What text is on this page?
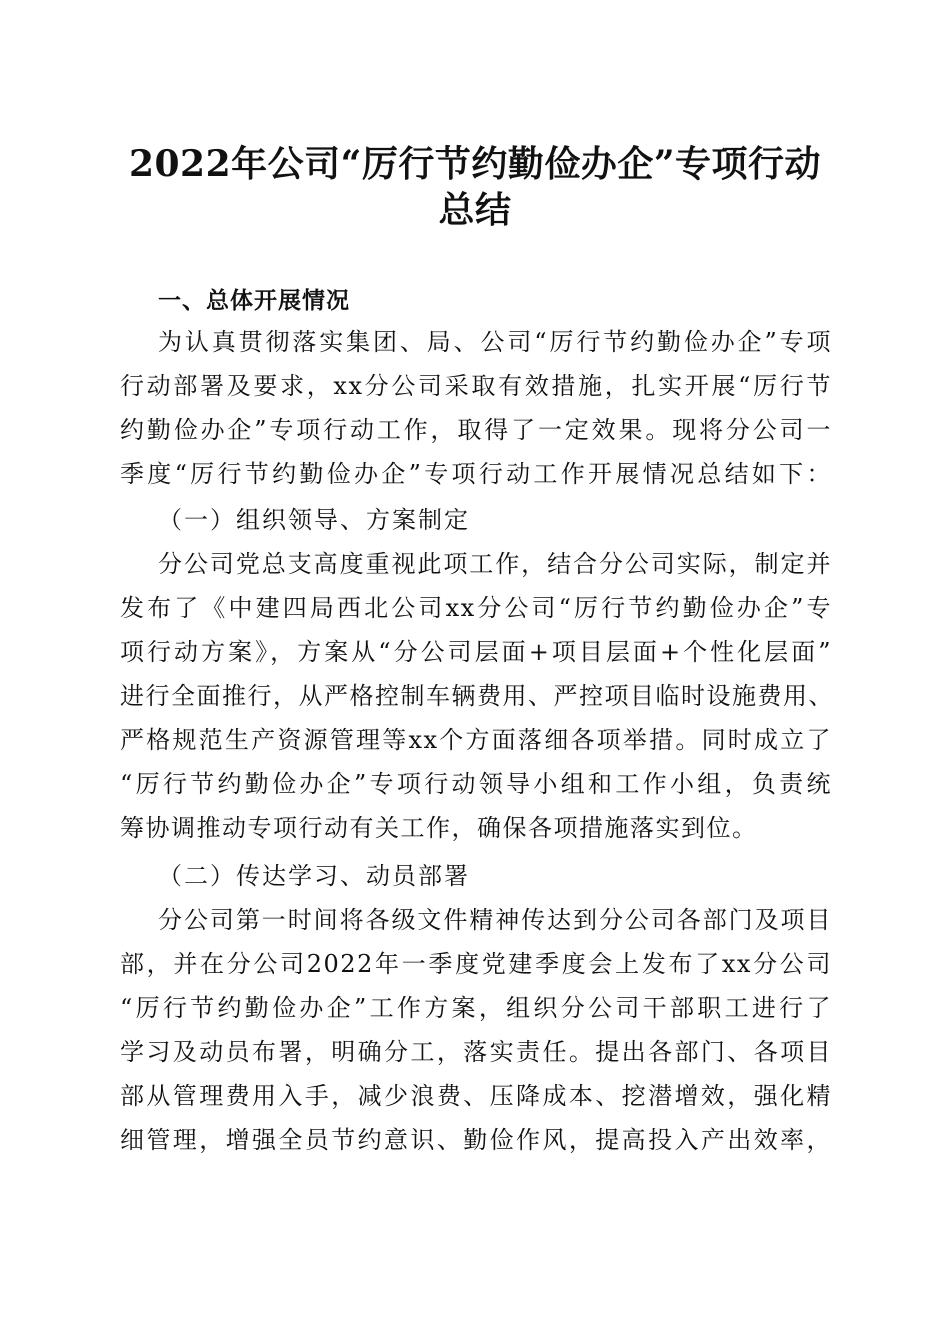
2022年公司“厉行节约勤俭办企”专项行动
总结
一、总体开展情况
为认真贯彻落实集团、局、公司“厉行节约勤俭办企”专项
行动部署及要求，xx分公司采取有效措施，扎实开展“厉行节
约勤俭办企”专项行动工作，取得了一定效果。现将分公司一
季度“厉行节约勤俭办企”专项行动工作开展情况总结如下：
（一）组织领导、方案制定
分公司党总支高度重视此项工作，结合分公司实际，制定并
发布了《中建四局西北公司xx分公司“厉行节约勤俭办企”专
项行动方案》，方案从“分公司层面+项目层面+个性化层面”
进行全面推行，从严格控制车辆费用、严控项目临时设施费用、
严格规范生产资源管理等xx个方面落细各项举措。同时成立了
“厉行节约勤俭办企”专项行动领导小组和工作小组，负责统
筹协调推动专项行动有关工作，确保各项措施落实到位。
（二）传达学习、动员部署
分公司第一时间将各级文件精神传达到分公司各部门及项目
部，并在分公司2022年一季度党建季度会上发布了xx分公司
“厉行节约勤俭办企”工作方案，组织分公司干部职工进行了
学习及动员布署，明确分工，落实责任。提出各部门、各项目
部从管理费用入手，减少浪费、压降成本、挖潜增效，强化精
细管理，增强全员节约意识、勤俭作风，提高投入产出效率，
